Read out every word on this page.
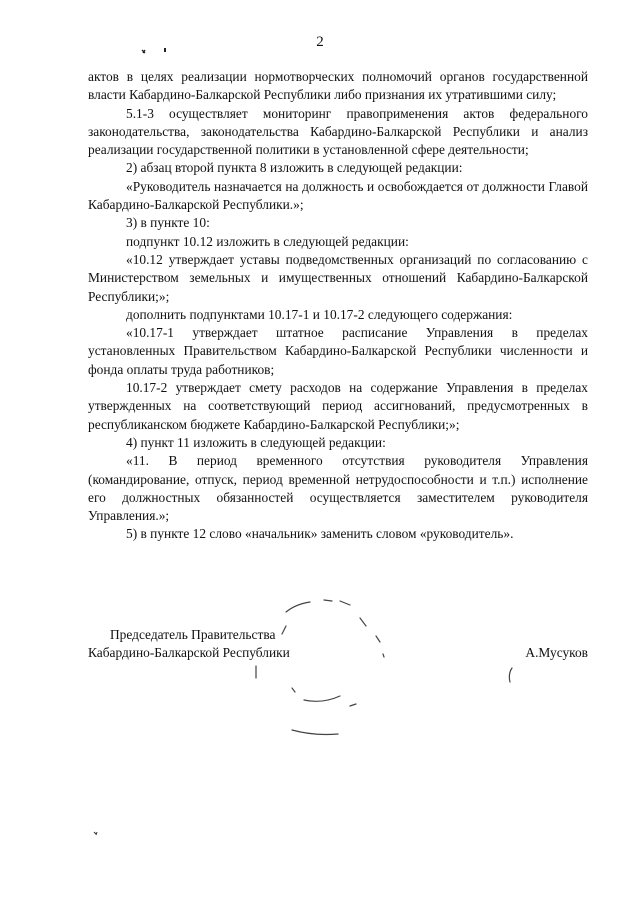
2

актов в целях реализации нормотворческих полномочий органов государственной власти Кабардино-Балкарской Республики либо признания их утратившими силу;

5.1-3 осуществляет мониторинг правоприменения актов федерального законодательства, законодательства Кабардино-Балкарской Республики и анализ реализации государственной политики в установленной сфере деятельности;

2) абзац второй пункта 8 изложить в следующей редакции:

«Руководитель назначается на должность и освобождается от должности Главой Кабардино-Балкарской Республики.»;

3) в пункте 10:

подпункт 10.12 изложить в следующей редакции:

«10.12 утверждает уставы подведомственных организаций по согласованию с Министерством земельных и имущественных отношений Кабардино-Балкарской Республики;»;

дополнить подпунктами 10.17-1 и 10.17-2 следующего содержания:

«10.17-1 утверждает штатное расписание Управления в пределах установленных Правительством Кабардино-Балкарской Республики численности и фонда оплаты труда работников;

10.17-2 утверждает смету расходов на содержание Управления в пределах утвержденных на соответствующий период ассигнований, предусмотренных в республиканском бюджете Кабардино-Балкарской Республики;»;

4) пункт 11 изложить в следующей редакции:

«11. В период временного отсутствия руководителя Управления (командирование, отпуск, период временной нетрудоспособности и т.п.) исполнение его должностных обязанностей осуществляется заместителем руководителя Управления.»;

5) в пункте 12 слово «начальник» заменить словом «руководитель».

Председатель Правительства
Кабардино-Балкарской Республики	А.Мусуков
